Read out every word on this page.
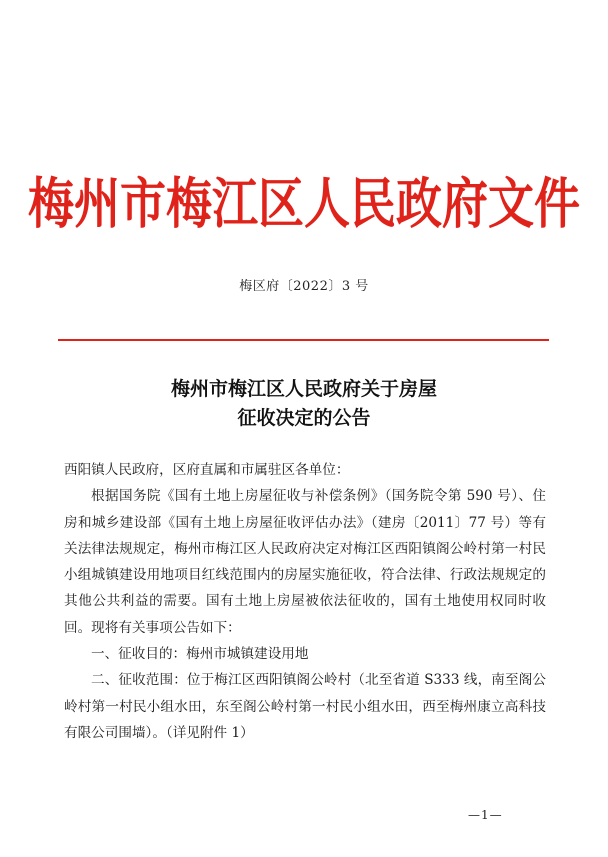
梅州市梅江区人民政府文件
梅区府〔2022〕3 号
梅州市梅江区人民政府关于房屋
征收决定的公告

西阳镇人民政府，区府直属和市属驻区各单位：

根据国务院《国有土地上房屋征收与补偿条例》（国务院令第 590 号）、住房和城乡建设部《国有土地上房屋征收评估办法》（建房〔2011〕77 号）等有关法律法规规定，梅州市梅江区人民政府决定对梅江区西阳镇阁公岭村第一村民小组城镇建设用地项目红线范围内的房屋实施征收，符合法律、行政法规规定的其他公共利益的需要。国有土地上房屋被依法征收的，国有土地使用权同时收回。现将有关事项公告如下：

一、征收目的：梅州市城镇建设用地

二、征收范围：位于梅江区西阳镇阁公岭村（北至省道 S333 线，南至阁公岭村第一村民小组水田，东至阁公岭村第一村民小组水田，西至梅州康立高科技有限公司围墙）。（详见附件 1）

—1—
